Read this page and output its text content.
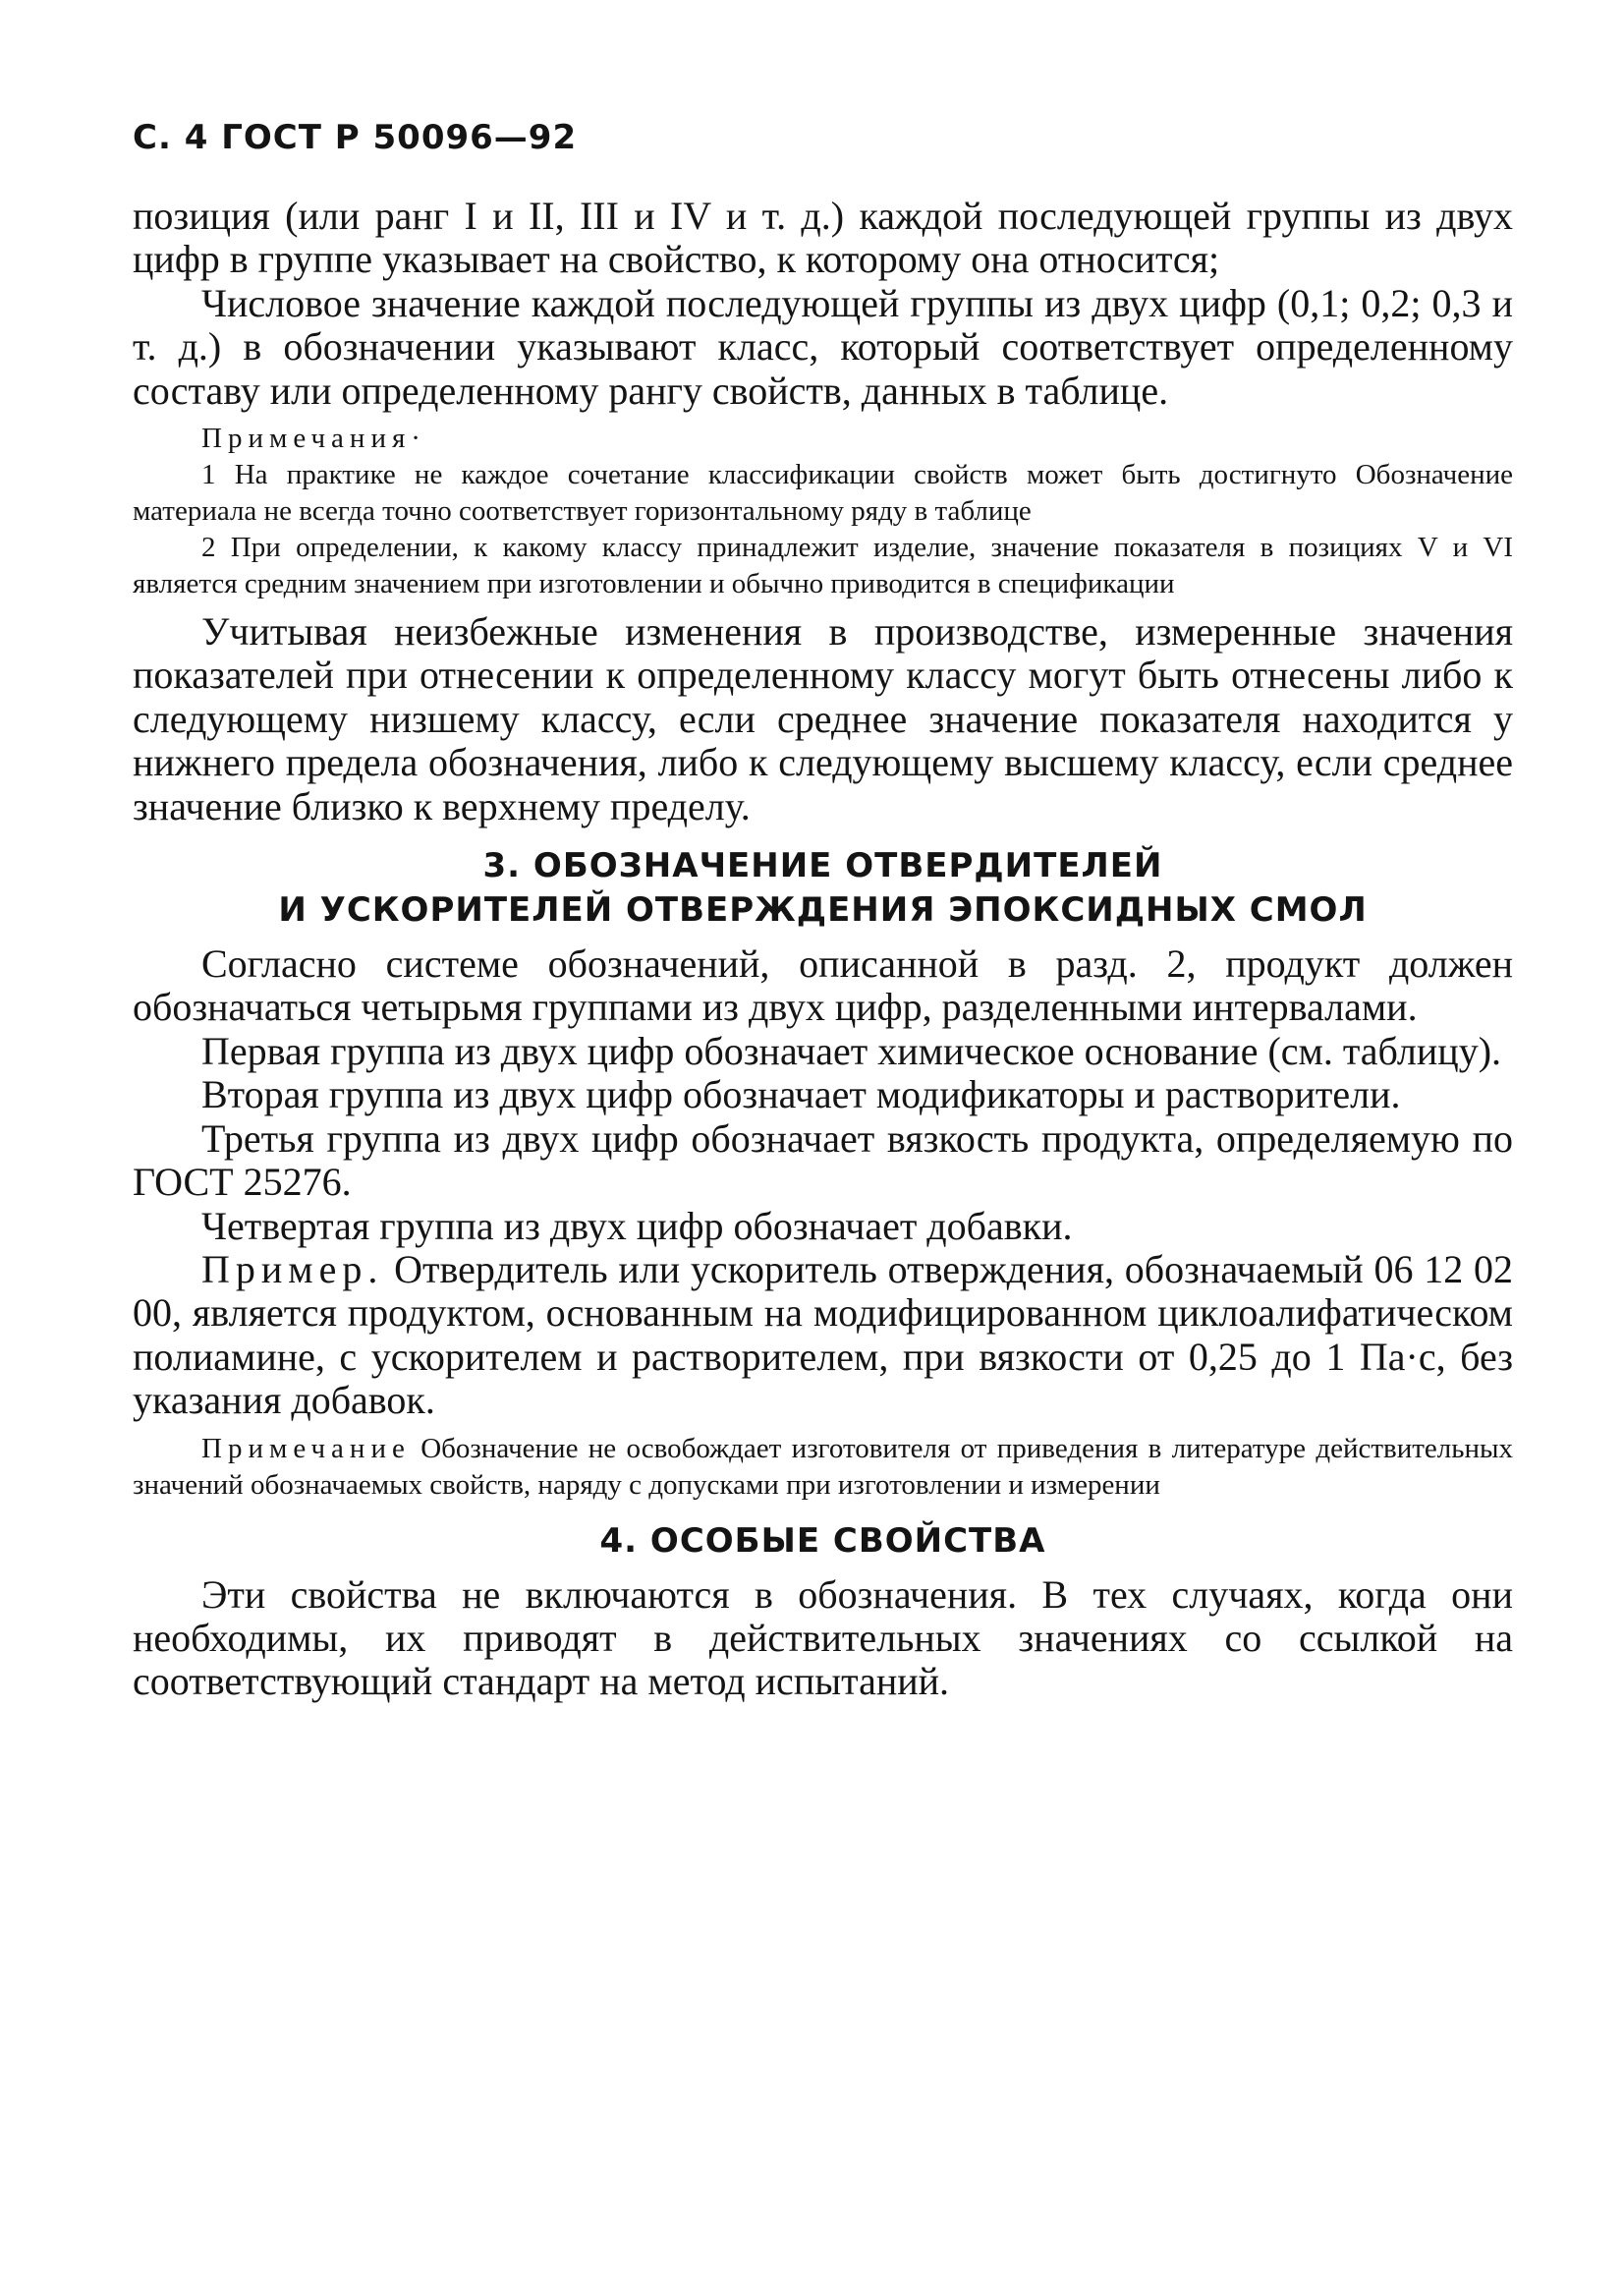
С. 4 ГОСТ Р 50096—92

позиция (или ранг I и II, III и IV и т. д.) каждой последующей группы из двух цифр в группе указывает на свойство, к которому она относится;

Числовое значение каждой последующей группы из двух цифр (0,1; 0,2; 0,3 и т. д.) в обозначении указывают класс, который соответствует определенному составу или определенному рангу свойств, данных в таблице.

Примечания·

1 На практике не каждое сочетание классификации свойств может быть достигнуто Обозначение материала не всегда точно соответствует горизонтальному ряду в таблице

2 При определении, к какому классу принадлежит изделие, значение показателя в позициях V и VI является средним значением при изготовлении и обычно приводится в спецификации

Учитывая неизбежные изменения в производстве, измеренные значения показателей при отнесении к определенному классу могут быть отнесены либо к следующему низшему классу, если среднее значение показателя находится у нижнего предела обозначения, либо к следующему высшему классу, если среднее значение близко к верхнему пределу.

3. ОБОЗНАЧЕНИЕ ОТВЕРДИТЕЛЕЙ
И УСКОРИТЕЛЕЙ ОТВЕРЖДЕНИЯ ЭПОКСИДНЫХ СМОЛ

Согласно системе обозначений, описанной в разд. 2, продукт должен обозначаться четырьмя группами из двух цифр, разделенными интервалами.

Первая группа из двух цифр обозначает химическое основание (см. таблицу).

Вторая группа из двух цифр обозначает модификаторы и растворители.

Третья группа из двух цифр обозначает вязкость продукта, определяемую по ГОСТ 25276.

Четвертая группа из двух цифр обозначает добавки.

Пример. Отвердитель или ускоритель отверждения, обозначаемый 06 12 02 00, является продуктом, основанным на модифицированном циклоалифатическом полиамине, с ускорителем и растворителем, при вязкости от 0,25 до 1 Па·с, без указания добавок.

Примечание Обозначение не освобождает изготовителя от приведения в литературе действительных значений обозначаемых свойств, наряду с допусками при изготовлении и измерении

4. ОСОБЫЕ СВОЙСТВА

Эти свойства не включаются в обозначения. В тех случаях, когда они необходимы, их приводят в действительных значениях со ссылкой на соответствующий стандарт на метод испытаний.
